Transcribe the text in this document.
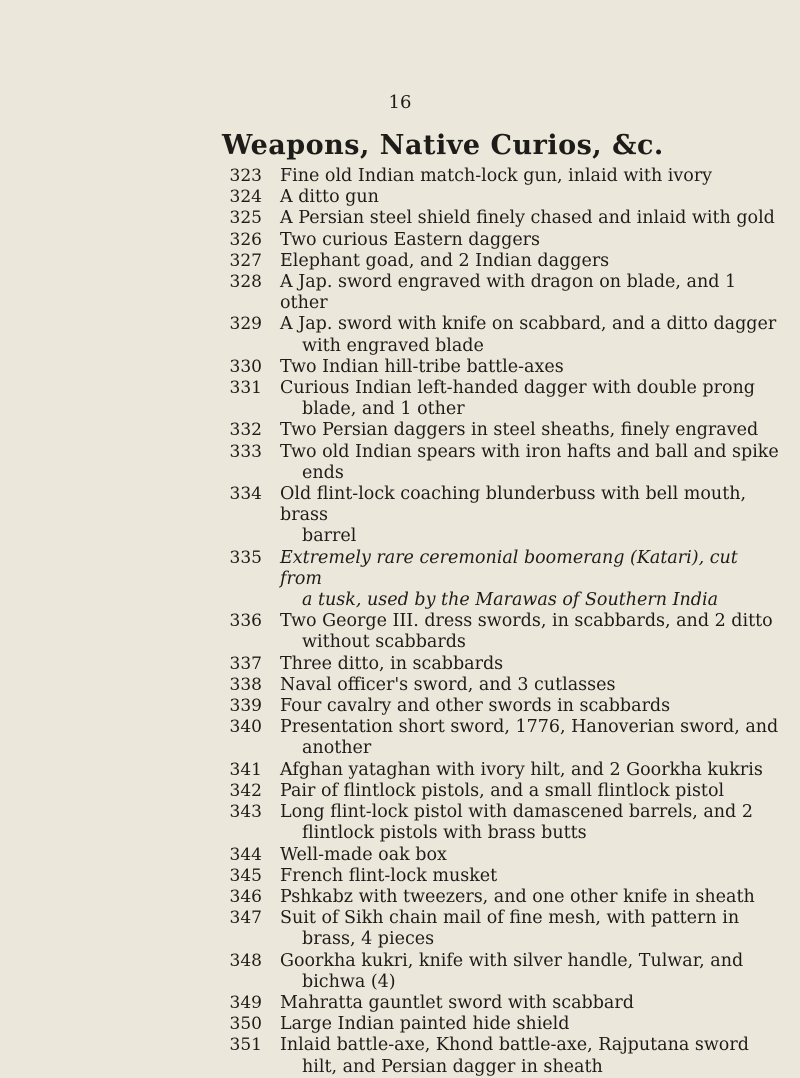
16
Weapons, Native Curios, &c.
323 Fine old Indian match-lock gun, inlaid with ivory
324 A ditto gun
325 A Persian steel shield finely chased and inlaid with gold
326 Two curious Eastern daggers
327 Elephant goad, and 2 Indian daggers
328 A Jap. sword engraved with dragon on blade, and 1 other
329 A Jap. sword with knife on scabbard, and a ditto dagger

with engraved blade
330 Two Indian hill-tribe battle-axes
331 Curious Indian left-handed dagger with double prong

blade, and 1 other
332 Two Persian daggers in steel sheaths, finely engraved
333 Two old Indian spears with iron hafts and ball and spike

ends
334 Old flint-lock coaching blunderbuss with bell mouth, brass

barrel
335 Extremely rare ceremonial boomerang (Katari), cut from

a tusk, used by the Marawas of Southern India
336 Two George III. dress swords, in scabbards, and 2 ditto

without scabbards
337 Three ditto, in scabbards
338 Naval officer's sword, and 3 cutlasses
339 Four cavalry and other swords in scabbards
340 Presentation short sword, 1776, Hanoverian sword, and

another
341 Afghan yataghan with ivory hilt, and 2 Goorkha kukris
342 Pair of flintlock pistols, and a small flintlock pistol
343 Long flint-lock pistol with damascened barrels, and 2

flintlock pistols with brass butts
344 Well-made oak box
345 French flint-lock musket
346 Pshkabz with tweezers, and one other knife in sheath
347 Suit of Sikh chain mail of fine mesh, with pattern in

brass, 4 pieces
348 Goorkha kukri, knife with silver handle, Tulwar, and

bichwa (4)
349 Mahratta gauntlet sword with scabbard
350 Large Indian painted hide shield
351 Inlaid battle-axe, Khond battle-axe, Rajputana sword

hilt, and Persian dagger in sheath
